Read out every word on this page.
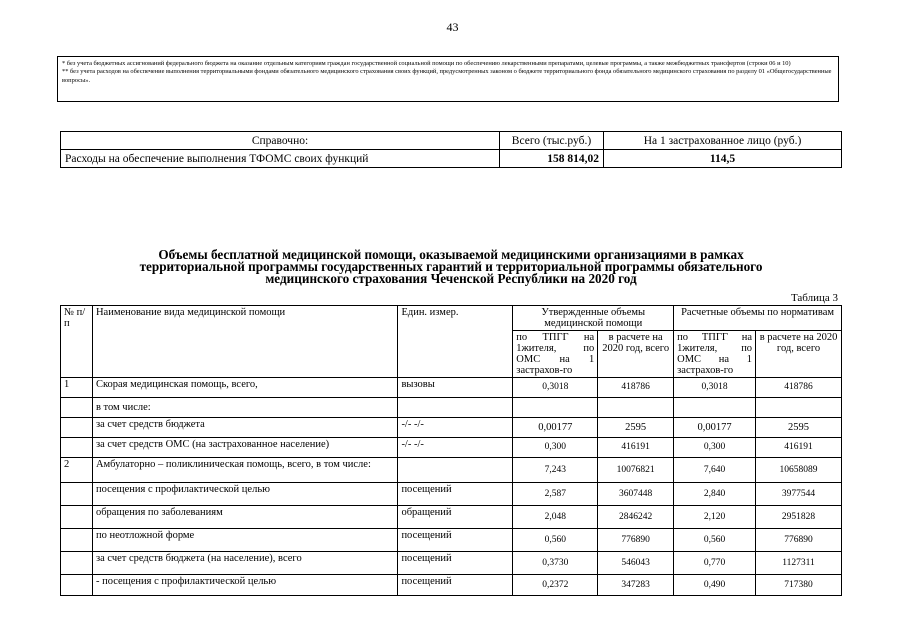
43

* без учета бюджетных ассигнований федерального бюджета на оказание отдельным категориям граждан государственной социальной помощи по обеспечению лекарственными препаратами, целевые программы, а также межбюджетных трансфертов (строки 06 и 10)

** без учета расходов на обеспечение выполнения территориальными фондами обязательного медицинского страхования своих функций, предусмотренных законом о бюджете территориального фонда обязательного медицинского страхования по разделу 01 «Общегосударственные вопросы».

Справочно:	Всего (тыс.руб.)	На 1 застрахованное лицо (руб.)
Расходы на обеспечение выполнения ТФОМС своих функций	158 814,02	114,5
Объемы бесплатной медицинской помощи, оказываемой медицинскими организациями в рамках
территориальной программы государственных гарантий и территориальной программы обязательного
медицинского страхования Чеченской Республики на 2020 год
Таблица 3
№ п/п	Наименование вида медицинской помощи	Един. измер.	Утвержденные объемы медицинской помощи		Расчетные объемы по нормативам	
			по ТПГГ на 1жителя, по ОМС на 1 застрахов-го	в расчете на 2020 год, всего	по ТПГГ на 1жителя, по ОМС на 1 застрахов-го	в расчете на 2020 год, всего
1	Скорая медицинская помощь, всего,	вызовы	0,3018	418786	0,3018	418786
	в том числе:					
	за счет средств бюджета	-/- -/-	0,00177	2595	0,00177	2595
	за счет средств ОМС (на застрахованное население)	-/- -/-	0,300	416191	0,300	416191
2	Амбулаторно – поликлиническая помощь, всего, в том числе:		7,243	10076821	7,640	10658089
	посещения с профилактической целью	посещений	2,587	3607448	2,840	3977544
	обращения по заболеваниям	обращений	2,048	2846242	2,120	2951828
	по неотложной форме	посещений	0,560	776890	0,560	776890
	за счет средств бюджета (на население), всего	посещений	0,3730	546043	0,770	1127311
	- посещения с профилактической целью	посещений	0,2372	347283	0,490	717380
